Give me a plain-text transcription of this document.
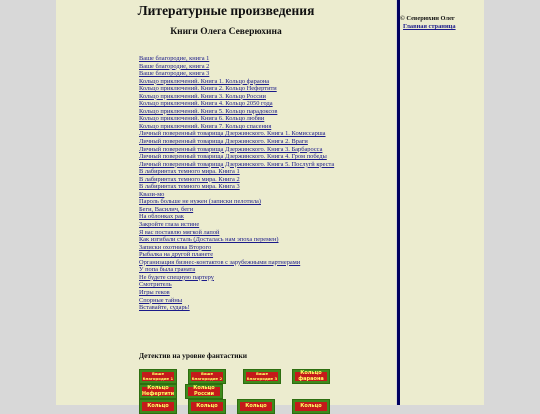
Литературные произведения
Книги Олега Северюхина
Ваше благородие, книга 1
Ваше благородие, книга 2
Ваше благородие, книга 3
Кольцо приключений. Книга 1. Кольцо фараона
Кольцо приключений. Книга 2. Кольцо Нефертити
Кольцо приключений. Книга 3. Кольцо России
Кольцо приключений. Книга 4. Кольцо 2050 года
Кольцо приключений. Книга 5. Кольцо парадоксов
Кольцо приключений. Книга 6. Кольцо любви
Кольцо приключений. Книга 7. Кольцо спасения
Личный поверенный товарища Дзержинского. Книга 1. Комиссарша
Личный поверенный товарища Дзержинского. Книга 2. Враги
Личный поверенный товарища Дзержинского. Книга 3. Барбаросса
Личный поверенный товарища Дзержинского. Книга 4. Гром победы
Личный поверенный товарища Дзержинского. Книга 5. Послугй креста
В лабиринтах темного мира. Книга 1
В лабиринтах темного мира. Книга 2
В лабиринтах темного мира. Книга 3
Квази-мо
Пароль больше не нужен (записки пелотила)
Беги, Василич, беги
На облонках рак
Закройте глаза истине
Я вас поставлю мягкой лапой
Как изгибали сталь (Досталась нам эпоха перемен)
Записки охотника Второго
Рыбалка на другой планете
Организация бизнес-контактов с зарубежными партнерами
У попа была граната
Не будете спецную партеру
Смотритель
Игры геков
Спорные тайны
Вставайте, сударь!
Детектив на уровне фантастики
Ваше благородие 1
Ваше благородие 2
Ваше благородие 3
Кольцо фараона
Кольцо Нефертити
Кольцо России
Кольцо	Кольцо	Кольцо	Кольцо
© Северюхин Олег
Главная страница
